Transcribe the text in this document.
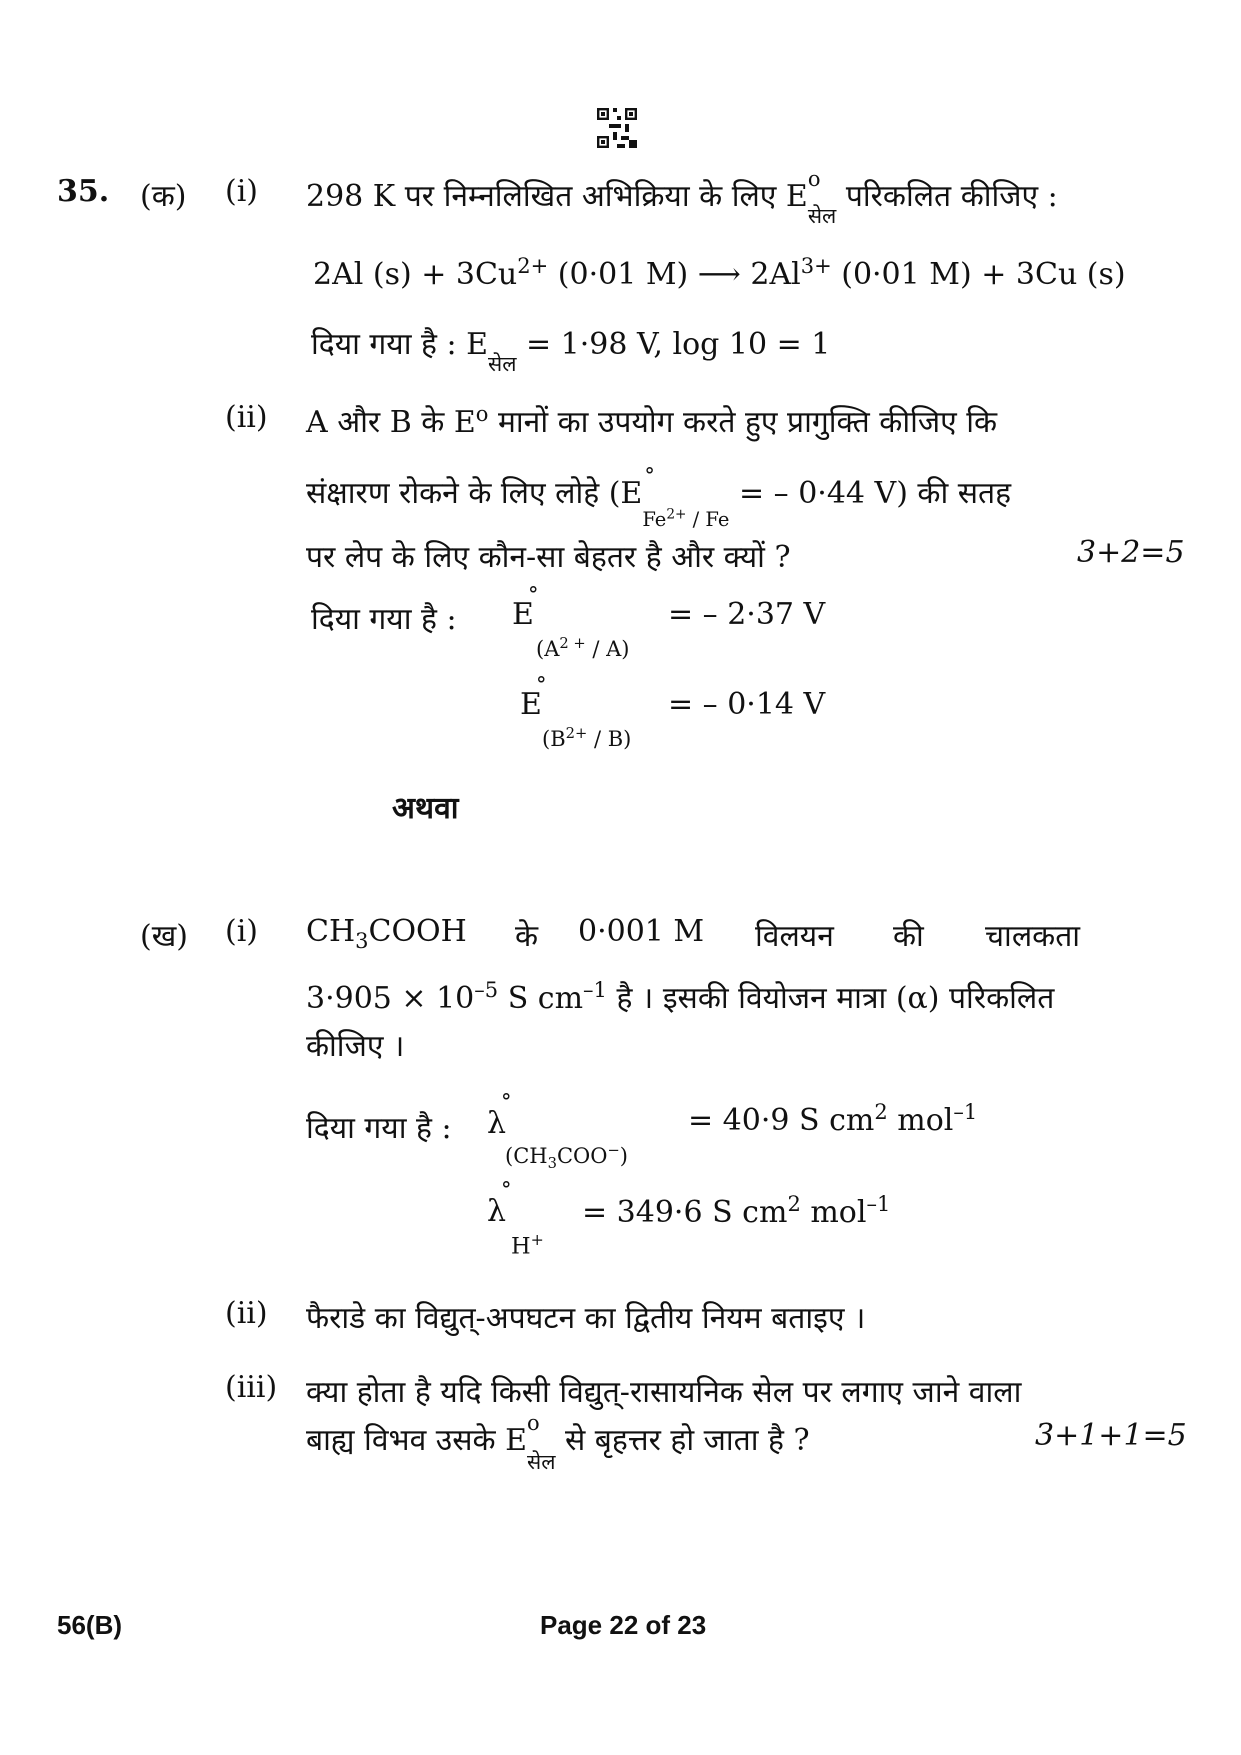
35. (क) (i) 298 K पर निम्नलिखित अभिक्रिया के लिए E o
$_{सेल}$ परिकलित कीजिए :
2Al $(s) + 3Cu^{2+}$ (0·01 M) ⟶ $2Al^{3+}$ (0·01 M) + 3Cu (s)
दिया गया है : $E_{सेल} = 1\cdot 98$ V, log 10 = 1
(ii) A और B के $E^o$ मानों का उपयोग करते हुए प्रागुक्ति कीजिए कि
संक्षारण रोकने के लिए लोहे (E °
$_{Fe^{2+} / Fe}$ = – 0·44 V) की सतह
पर लेप के लिए कौन-सा बेहतर है और क्यों ?	3+2=5
दिया गया है : E
°
$(A^{2 +} / A)$
= – 2·37 V
E
°
$(B^{2+} / B)$
= – 0·14 V
अथवा
(ख) (i) $CH_3COOH$ के 0·001 M विलयन की चालकता
$3\cdot 905 \times 10^{-5}$ S $cm^{-1}$ है । इसकी वियोजन मात्रा (α) परिकलित
कीजिए ।
दिया गया है : λ
°
$(CH_3COO^-)$
= 40·9 S $cm^2$ mol$^{-1}$
λ
°
H+
= 349·6 S $cm^2$ mol$^{-1}$
(ii) फैराडे का विद्युत्-अपघटन का द्वितीय नियम बताइए ।
(iii) क्या होता है यदि किसी विद्युत्-रासायनिक सेल पर लगाए जाने वाला
बाह्य विभव उसके E o
$_{सेल}$ से बृहत्तर हो जाता है ?	3+1+1=5
56(B)	Page 22 of 23
